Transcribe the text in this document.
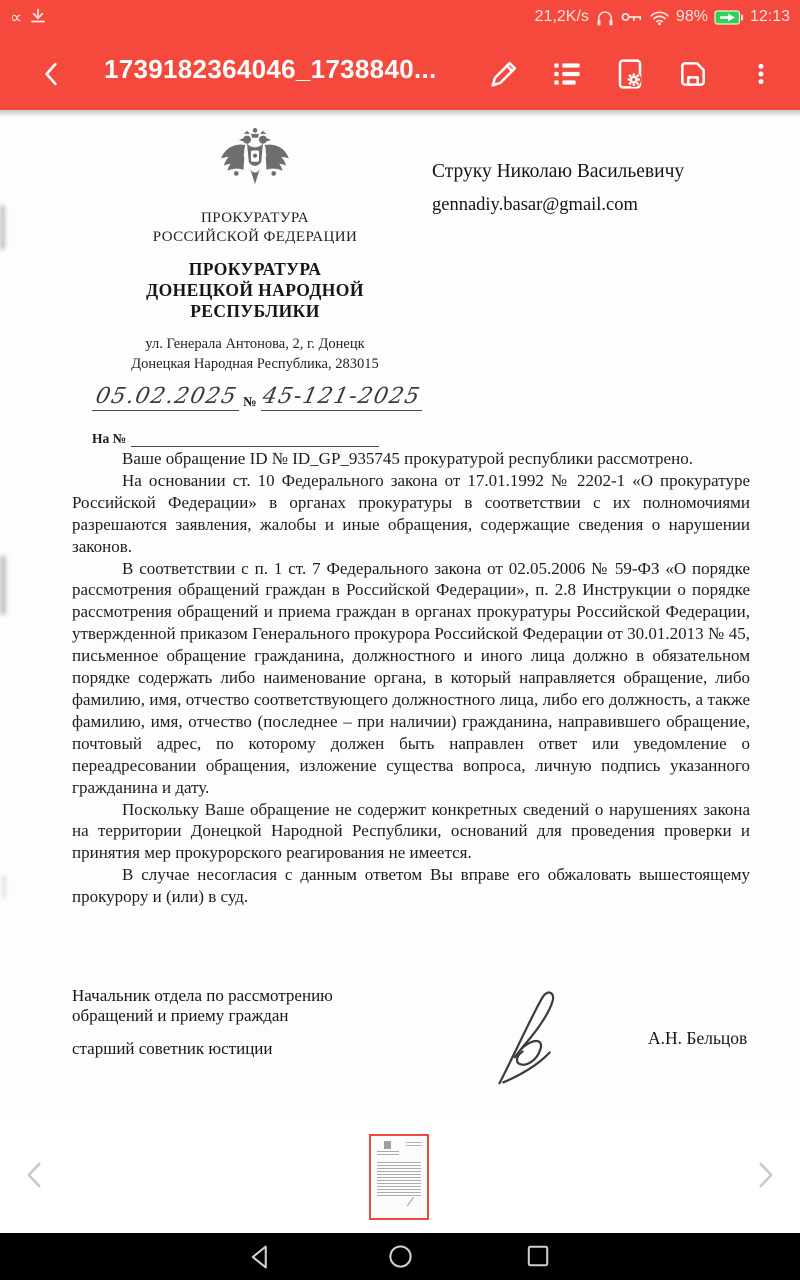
∝	21,2K/s	98%	12:13
1739182364046_1738840...
ПРОКУРАТУРА
РОССИЙСКОЙ ФЕДЕРАЦИИ
ПРОКУРАТУРА
ДОНЕЦКОЙ НАРОДНОЙ
РЕСПУБЛИКИ
ул. Генерала Антонова, 2, г. Донецк
Донецкая Народная Республика, 283015
05.02.2025 № 45-121-2025
На №
Струку Николаю Васильевичу
gennadiy.basar@gmail.com

Ваше обращение ID № ID_GP_935745 прокуратурой республики рассмотрено.

На основании ст. 10 Федерального закона от 17.01.1992 № 2202-1 «О прокуратуре Российской Федерации» в органах прокуратуры в соответствии с их полномочиями разрешаются заявления, жалобы и иные обращения, содержащие сведения о нарушении законов.

В соответствии с п. 1 ст. 7 Федерального закона от 02.05.2006 № 59-ФЗ «О порядке рассмотрения обращений граждан в Российской Федерации», п. 2.8 Инструкции о порядке рассмотрения обращений и приема граждан в органах прокуратуры Российской Федерации, утвержденной приказом Генерального прокурора Российской Федерации от 30.01.2013 № 45, письменное обращение гражданина, должностного и иного лица должно в обязательном порядке содержать либо наименование органа, в который направляется обращение, либо фамилию, имя, отчество соответствующего должностного лица, либо его должность, а также фамилию, имя, отчество (последнее – при наличии) гражданина, направившего обращение, почтовый адрес, по которому должен быть направлен ответ или уведомление о переадресовании обращения, изложение существа вопроса, личную подпись указанного гражданина и дату.

Поскольку Ваше обращение не содержит конкретных сведений о нарушениях закона на территории Донецкой Народной Республики, оснований для проведения проверки и принятия мер прокурорского реагирования не имеется.

В случае несогласия с данным ответом Вы вправе его обжаловать вышестоящему прокурору и (или) в суд.

Начальник отдела по рассмотрению
обращений и приему граждан
старший советник юстиции
А.Н. Бельцов
